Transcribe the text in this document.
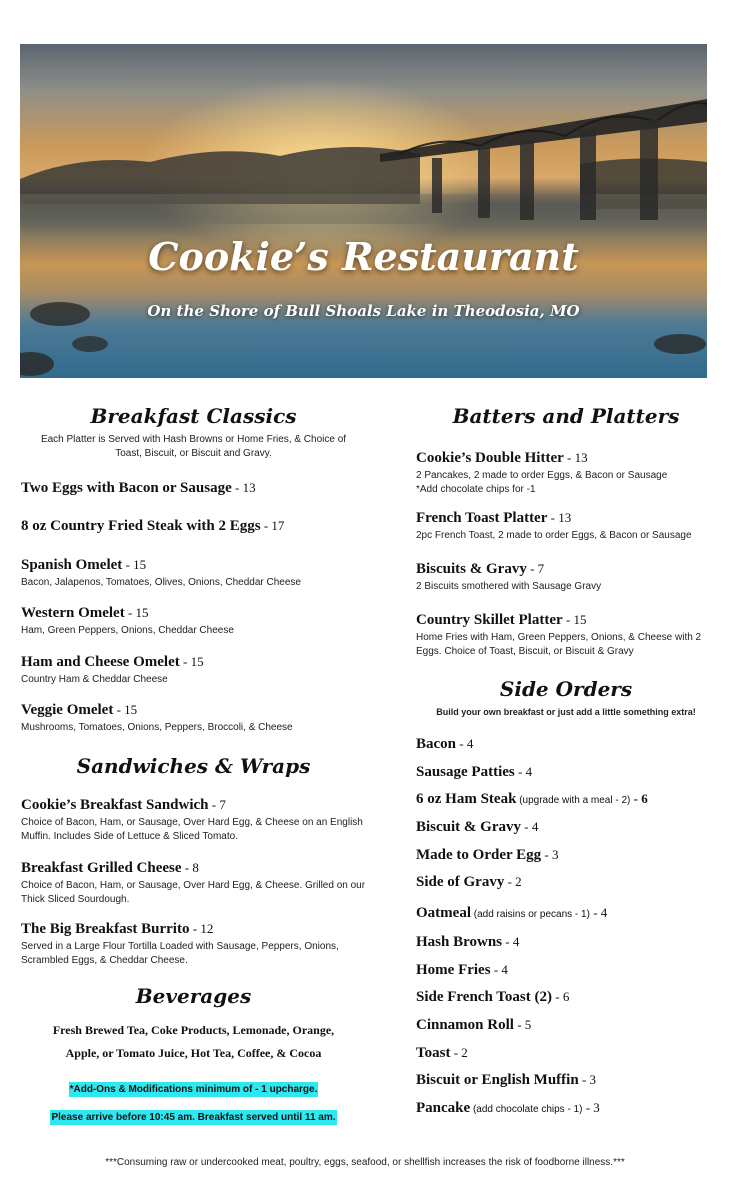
Cookie’s Restaurant
On the Shore of Bull Shoals Lake in Theodosia, MO
Breakfast Classics
Each Platter is Served with Hash Browns or Home Fries, & Choice of Toast, Biscuit, or Biscuit and Gravy.
Two Eggs with Bacon or Sausage - 13
8 oz Country Fried Steak with 2 Eggs - 17
Spanish Omelet - 15
Bacon, Jalapenos, Tomatoes, Olives, Onions, Cheddar Cheese
Western Omelet - 15
Ham, Green Peppers, Onions, Cheddar Cheese
Ham and Cheese Omelet - 15
Country Ham & Cheddar Cheese
Veggie Omelet - 15
Mushrooms, Tomatoes, Onions, Peppers, Broccoli, & Cheese
Sandwiches & Wraps
Cookie’s Breakfast Sandwich - 7
Choice of Bacon, Ham, or Sausage, Over Hard Egg, & Cheese on an English Muffin. Includes Side of Lettuce & Sliced Tomato.
Breakfast Grilled Cheese - 8
Choice of Bacon, Ham, or Sausage, Over Hard Egg, & Cheese. Grilled on our Thick Sliced Sourdough.
The Big Breakfast Burrito - 12
Served in a Large Flour Tortilla Loaded with Sausage, Peppers, Onions, Scrambled Eggs, & Cheddar Cheese.
Beverages
Fresh Brewed Tea, Coke Products, Lemonade, Orange,
Apple, or Tomato Juice, Hot Tea, Coffee, & Cocoa
*Add-Ons & Modifications minimum of - 1 upcharge.
Please arrive before 10:45 am. Breakfast served until 11 am.
Batters and Platters
Cookie’s Double Hitter - 13
2 Pancakes, 2 made to order Eggs, & Bacon or Sausage
*Add chocolate chips for -1
French Toast Platter - 13
2pc French Toast, 2 made to order Eggs, & Bacon or Sausage
Biscuits & Gravy - 7
2 Biscuits smothered with Sausage Gravy
Country Skillet Platter - 15
Home Fries with Ham, Green Peppers, Onions, & Cheese with 2 Eggs. Choice of Toast, Biscuit, or Biscuit & Gravy
Side Orders
Build your own breakfast or just add a little something extra!
Bacon - 4
Sausage Patties - 4
6 oz Ham Steak (upgrade with a meal - 2) - 6
Biscuit & Gravy - 4
Made to Order Egg - 3
Side of Gravy - 2
Oatmeal (add raisins or pecans - 1) - 4
Hash Browns - 4
Home Fries - 4
Side French Toast (2) - 6
Cinnamon Roll - 5
Toast - 2
Biscuit or English Muffin - 3
Pancake (add chocolate chips - 1) - 3
***Consuming raw or undercooked meat, poultry, eggs, seafood, or shellfish increases the risk of foodborne illness.***
